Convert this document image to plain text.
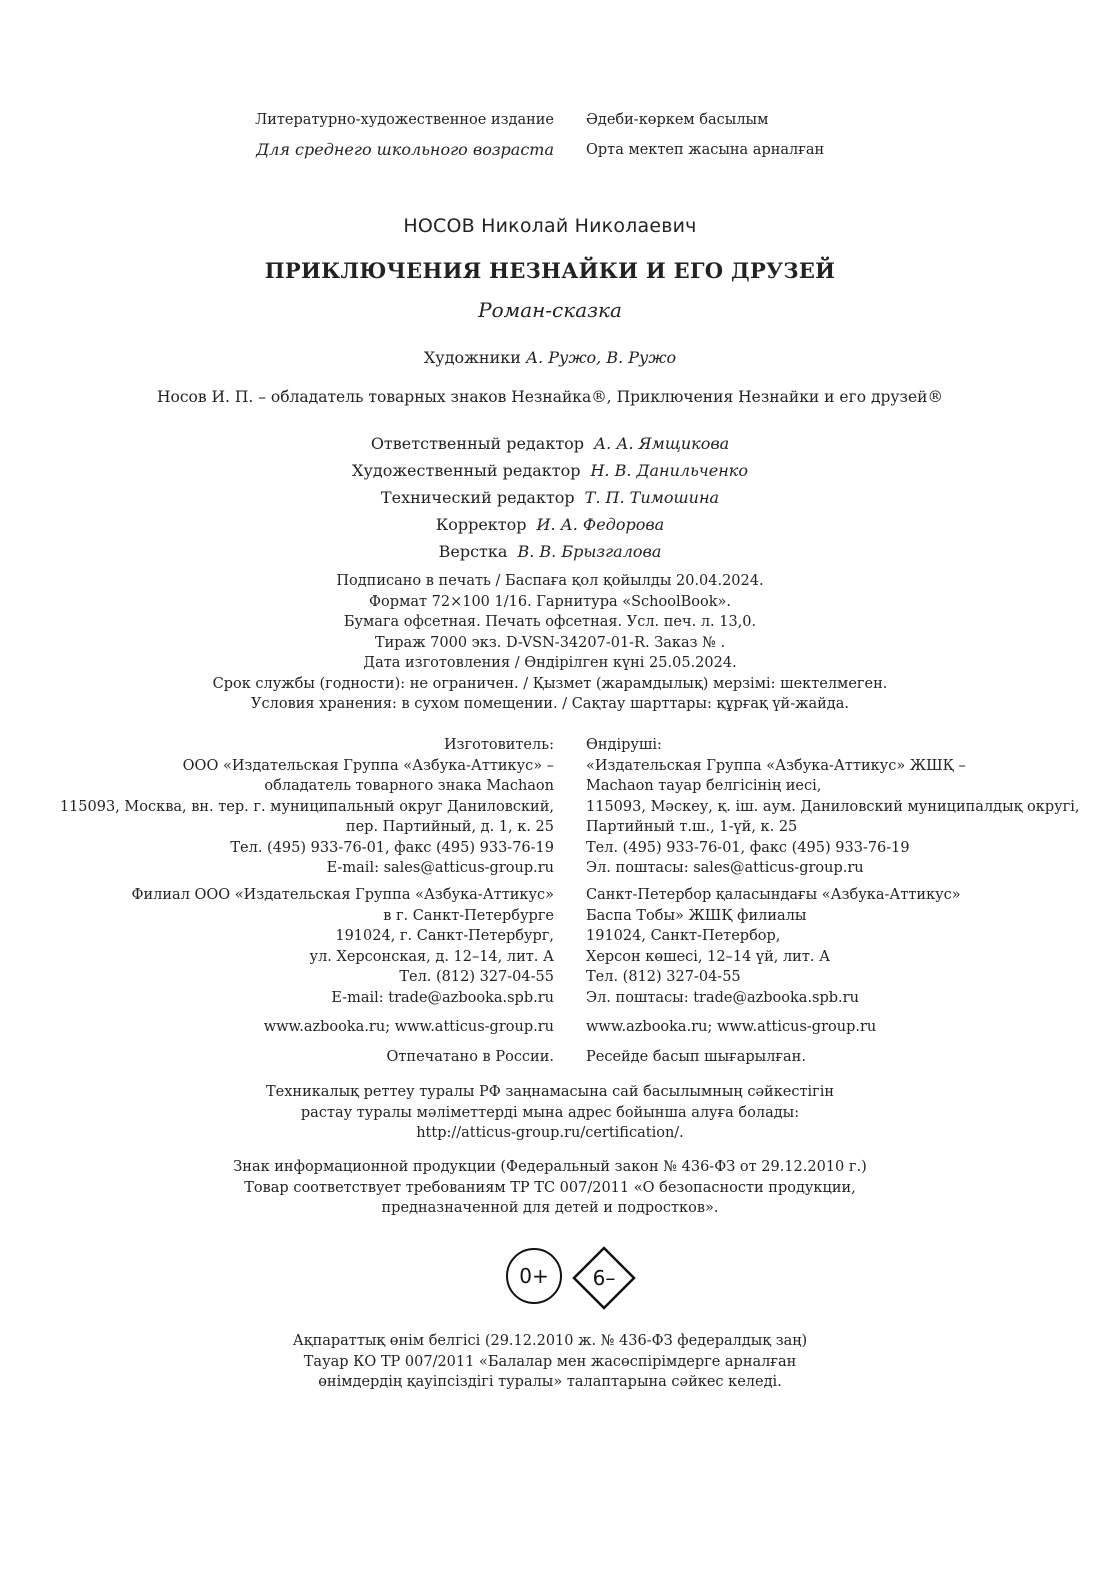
Литературно-художественное издание
Для среднего школьного возраста
Әдеби-көркем басылым
Орта мектеп жасына арналған
НОСОВ Николай Николаевич
ПРИКЛЮЧЕНИЯ НЕЗНАЙКИ И ЕГО ДРУЗЕЙ
Роман-сказка
Художники А. Ружо, В. Ружо
Носов И. П. – обладатель товарных знаков Незнайка®, Приключения Незнайки и его друзей®
Ответственный редактор А. А. Ямщикова
Художественный редактор Н. В. Данильченко
Технический редактор Т. П. Тимошина
Корректор И. А. Федорова
Верстка В. В. Брызгалова
Подписано в печать / Баспаға қол қойылды 20.04.2024.
Формат 72×100 1/16. Гарнитура «SchoolBook».
Бумага офсетная. Печать офсетная. Усл. печ. л. 13,0.
Тираж 7000 экз. D-VSN-34207-01-R. Заказ № .
Дата изготовления / Өндірілген күні 25.05.2024.
Срок службы (годности): не ограничен. / Қызмет (жарамдылық) мерзімі: шектелмеген.
Условия хранения: в сухом помещении. / Сақтау шарттары: құрғақ үй-жайда.
Изготовитель:
ООО «Издательская Группа «Азбука-Аттикус» –
обладатель товарного знака Machaon
115093, Москва, вн. тер. г. муниципальный округ Даниловский,
пер. Партийный, д. 1, к. 25
Тел. (495) 933-76-01, факс (495) 933-76-19
E-mail: sales@atticus-group.ru
Өндіруші:
«Издательская Группа «Азбука-Аттикус» ЖШҚ –
Machaon тауар белгісінің иесі,
115093, Мәскеу, қ. іш. аум. Даниловский муниципалдық округі,
Партийный т.ш., 1-үй, к. 25
Тел. (495) 933-76-01, факс (495) 933-76-19
Эл. поштасы: sales@atticus-group.ru
Филиал ООО «Издательская Группа «Азбука-Аттикус»
в г. Санкт-Петербурге
191024, г. Санкт-Петербург,
ул. Херсонская, д. 12–14, лит. А
Тел. (812) 327-04-55
E-mail: trade@azbooka.spb.ru
Санкт-Петербор қаласындағы «Азбука-Аттикус»
Баспа Тобы» ЖШҚ филиалы
191024, Санкт-Петербор,
Херсон көшесі, 12–14 үй, лит. А
Тел. (812) 327-04-55
Эл. поштасы: trade@azbooka.spb.ru
www.azbooka.ru; www.atticus-group.ru www.azbooka.ru; www.atticus-group.ru
Отпечатано в России. Ресейде басып шығарылған.
Техникалық реттеу туралы РФ заңнамасына сай басылымның сәйкестігін
растау туралы мәліметтерді мына адрес бойынша алуға болады:
http://atticus-group.ru/certification/.
Знак информационной продукции (Федеральный закон № 436-ФЗ от 29.12.2010 г.)
Товар соответствует требованиям ТР ТС 007/2011 «О безопасности продукции,
предназначенной для детей и подростков».
0+	6–
Ақпараттық өнім белгісі (29.12.2010 ж. № 436-ФЗ федералдық заң)
Тауар КО ТР 007/2011 «Балалар мен жасөспірімдерге арналған
өнімдердің қауіпсіздігі туралы» талаптарына сәйкес келеді.
